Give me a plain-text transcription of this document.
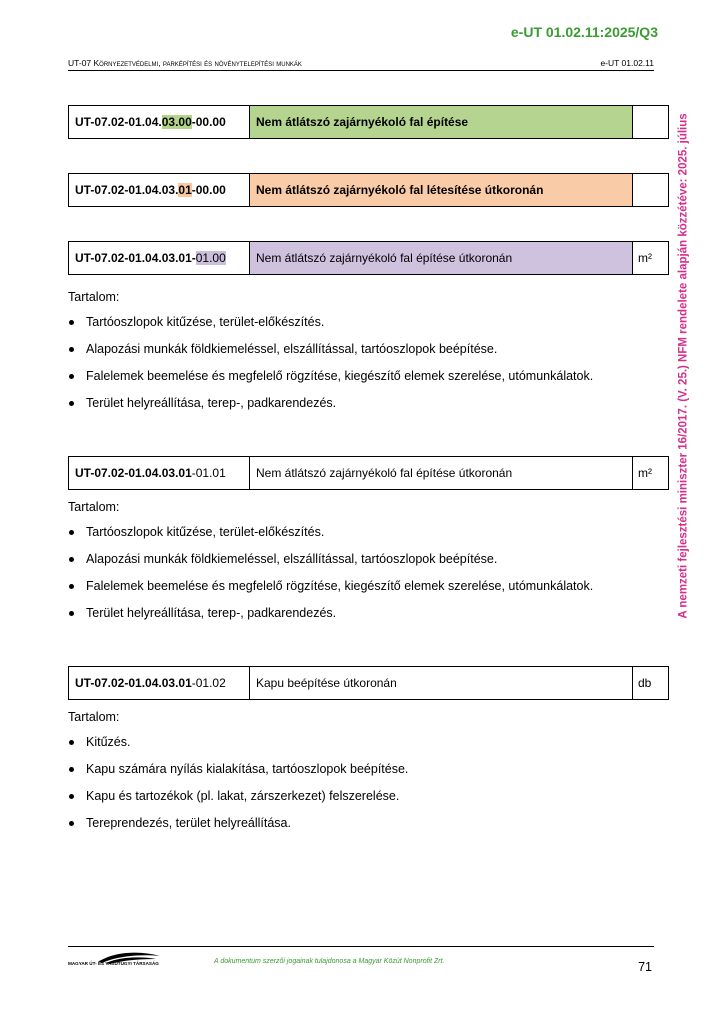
e-UT 01.02.11:2025/Q3
UT-07 Környezetvédelmi, parképítési és növénytelepítési munkák	e-UT 01.02.11
A nemzeti fejlesztési miniszter 16/2017. (V. 25.) NFM rendelete alapján közzétéve: 2025. július
UT-07.02-01.04.03.00-00.00	Nem átlátszó zajárnyékoló fal építése	
UT-07.02-01.04.03.01-00.00	Nem átlátszó zajárnyékoló fal létesítése útkoronán	
UT-07.02-01.04.03.01-01.00	Nem átlátszó zajárnyékoló fal építése útkoronán	m²
Tartalom:
Tartóoszlopok kitűzése, terület-előkészítés.
Alapozási munkák földkiemeléssel, elszállítással, tartóoszlopok beépítése.
Falelemek beemelése és megfelelő rögzítése, kiegészítő elemek szerelése, utómunkálatok.
Terület helyreállítása, terep-, padkarendezés.
UT-07.02-01.04.03.01-01.01	Nem átlátszó zajárnyékoló fal építése útkoronán	m²
Tartalom:
Tartóoszlopok kitűzése, terület-előkészítés.
Alapozási munkák földkiemeléssel, elszállítással, tartóoszlopok beépítése.
Falelemek beemelése és megfelelő rögzítése, kiegészítő elemek szerelése, utómunkálatok.
Terület helyreállítása, terep-, padkarendezés.
UT-07.02-01.04.03.01-01.02	Kapu beépítése útkoronán	db
Tartalom:
Kitűzés.
Kapu számára nyílás kialakítása, tartóoszlopok beépítése.
Kapu és tartozékok (pl. lakat, zárszerkezet) felszerelése.
Tereprendezés, terület helyreállítása.
MAGYAR ÚT- ÉS VASÚTÜGYI TÁRSASÁG	A dokumentum szerzői jogainak tulajdonosa a Magyar Közút Nonprofit Zrt.	71
